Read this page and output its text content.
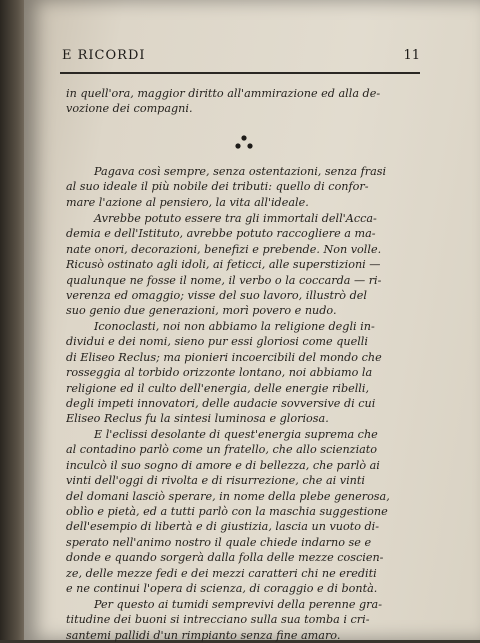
E RICORDI	11
in quell'ora, maggior diritto all'ammirazione ed alla de-
vozione dei compagni.
Pagava così sempre, senza ostentazioni, senza frasi
al suo ideale il più nobile dei tributi: quello di confor-
mare l'azione al pensiero, la vita all'ideale.
Avrebbe potuto essere tra gli immortali dell'Acca-
demia e dell'Istituto, avrebbe potuto raccogliere a ma-
nate onori, decorazioni, benefizi e prebende. Non volle.
Ricusò ostinato agli idoli, ai feticci, alle superstizioni —
qualunque ne fosse il nome, il verbo o la coccarda — ri-
verenza ed omaggio; visse del suo lavoro, illustrò del
suo genio due generazioni, morì povero e nudo.
Iconoclasti, noi non abbiamo la religione degli in-
dividui e dei nomi, sieno pur essi gloriosi come quelli
di Eliseo Reclus; ma pionieri incoercibili del mondo che
rosseggia al torbido orizzonte lontano, noi abbiamo la
religione ed il culto dell'energia, delle energie ribelli,
degli impeti innovatori, delle audacie sovversive di cui
Eliseo Reclus fu la sintesi luminosa e gloriosa.
E l'eclissi desolante di quest'energia suprema che
al contadino parlò come un fratello, che allo scienziato
inculcò il suo sogno di amore e di bellezza, che parlò ai
vinti dell'oggi di rivolta e di risurrezione, che ai vinti
del domani lasciò sperare, in nome della plebe generosa,
oblìo e pietà, ed a tutti parlò con la maschia suggestione
dell'esempio di libertà e di giustizia, lascia un vuoto di-
sperato nell'animo nostro il quale chiede indarno se e
donde e quando sorgerà dalla folla delle mezze coscien-
ze, delle mezze fedi e dei mezzi caratteri chi ne erediti
e ne continui l'opera di scienza, di coraggio e di bontà.
Per questo ai tumidi semprevivi della perenne gra-
titudine dei buoni si intrecciano sulla sua tomba i cri-
santemi pallidi d'un rimpianto senza fine amaro.
